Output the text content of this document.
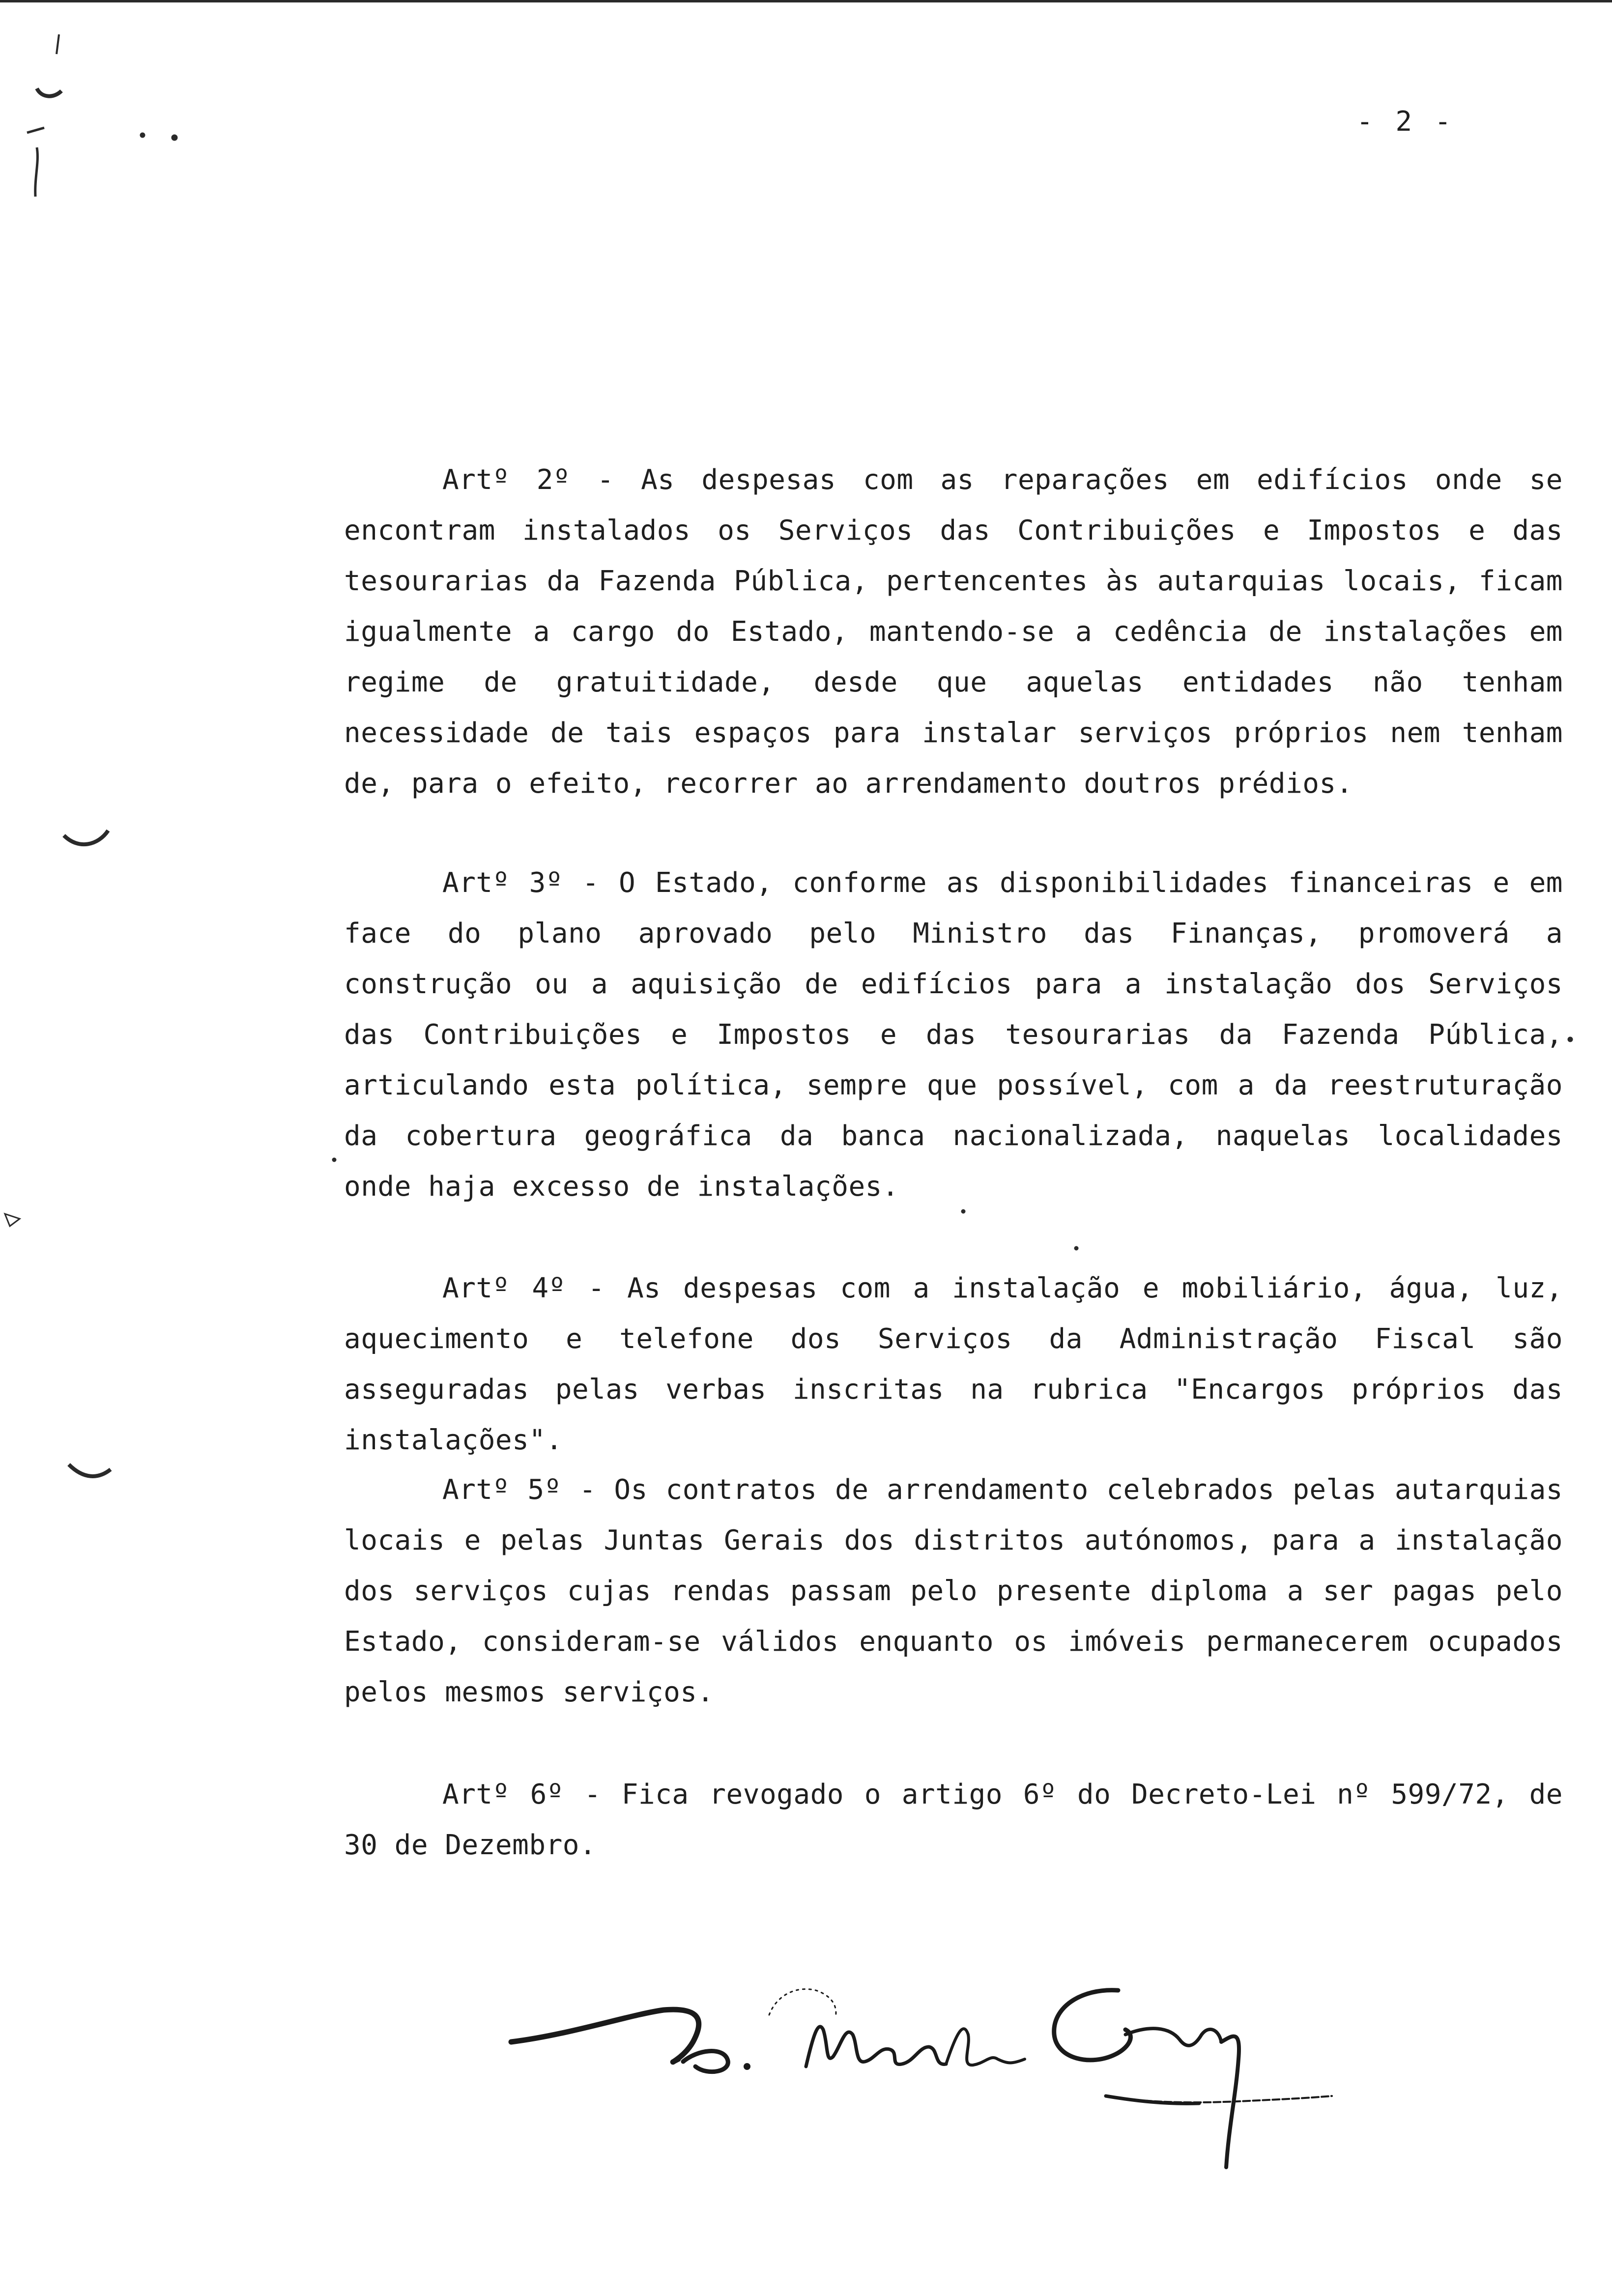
- 2 -

Artº 2º - As despesas com as reparações em edifícios onde se encontram instalados os Serviços das Contribuições e Impostos e das tesourarias da Fazenda Pública, pertencentes às autarquias locais, ficam igualmente a cargo do Estado, mantendo-se a cedência de instalações em regime de gratuitidade, desde que aquelas entidades não tenham necessidade de tais espaços para instalar serviços próprios nem tenham de, para o efeito, recorrer ao arrendamento doutros prédios.

Artº 3º - O Estado, conforme as disponibilidades financeiras e em face do plano aprovado pelo Ministro das Finanças, promoverá a construção ou a aquisição de edifícios para a instalação dos Serviços das Contribuições e Impostos e das tesourarias da Fazenda Pública, articulando esta política, sempre que possível, com a da reestruturação da cobertura geográfica da banca nacionalizada, naquelas localidades onde haja excesso de instalações.

Artº 4º - As despesas com a instalação e mobiliário, água, luz, aquecimento e telefone dos Serviços da Administração Fiscal são asseguradas pelas verbas inscritas na rubrica "Encargos próprios das instalações".

Artº 5º - Os contratos de arrendamento celebrados pelas autarquias locais e pelas Juntas Gerais dos distritos autónomos, para a instalação dos serviços cujas rendas passam pelo presente diploma a ser pagas pelo Estado, consideram-se válidos enquanto os imóveis permanecerem ocupados pelos mesmos serviços.

Artº 6º - Fica revogado o artigo 6º do Decreto-Lei nº 599/72, de 30 de Dezembro.
